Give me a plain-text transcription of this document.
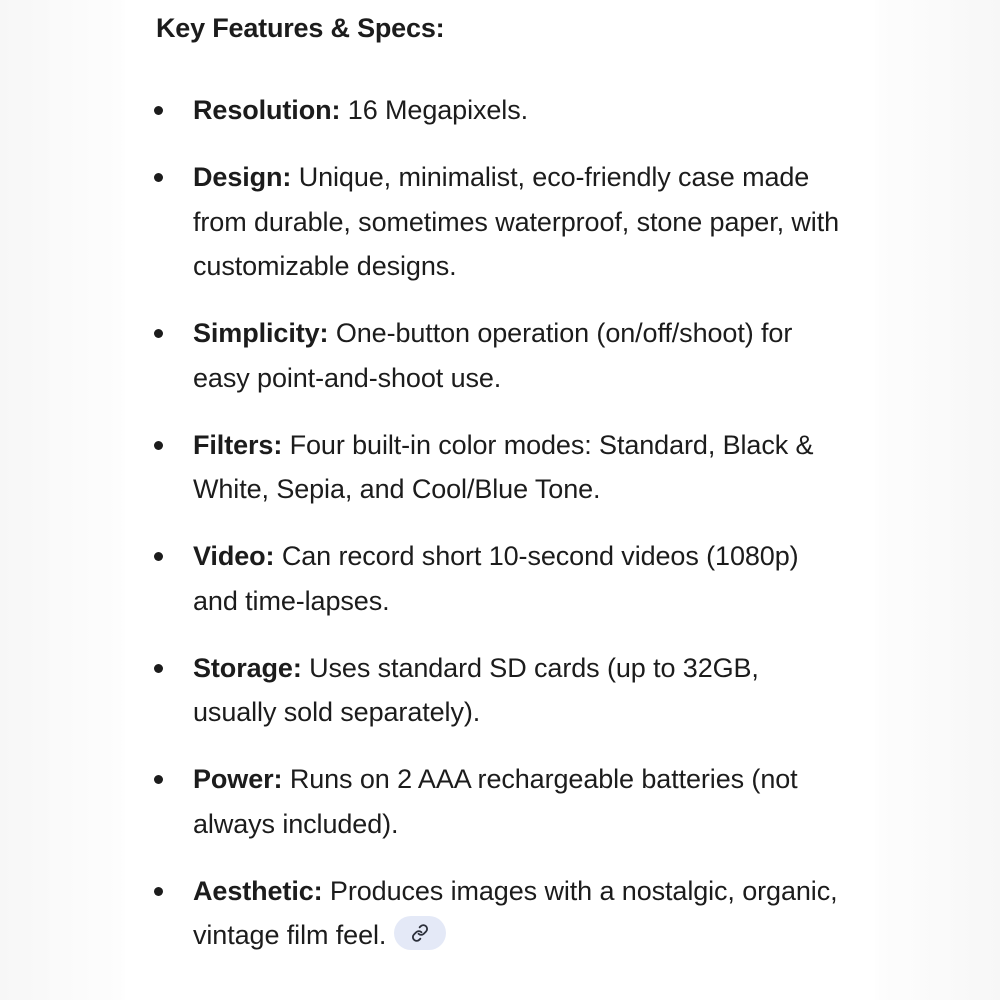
Key Features & Specs:
Resolution: 16 Megapixels.
Design: Unique, minimalist, eco-friendly case made from durable, sometimes waterproof, stone paper, with customizable designs.
Simplicity: One-button operation (on/off/shoot) for easy point-and-shoot use.
Filters: Four built-in color modes: Standard, Black & White, Sepia, and Cool/Blue Tone.
Video: Can record short 10-second videos (1080p) and time-lapses.
Storage: Uses standard SD cards (up to 32GB, usually sold separately).
Power: Runs on 2 AAA rechargeable batteries (not always included).
Aesthetic: Produces images with a nostalgic, organic, vintage film feel.
